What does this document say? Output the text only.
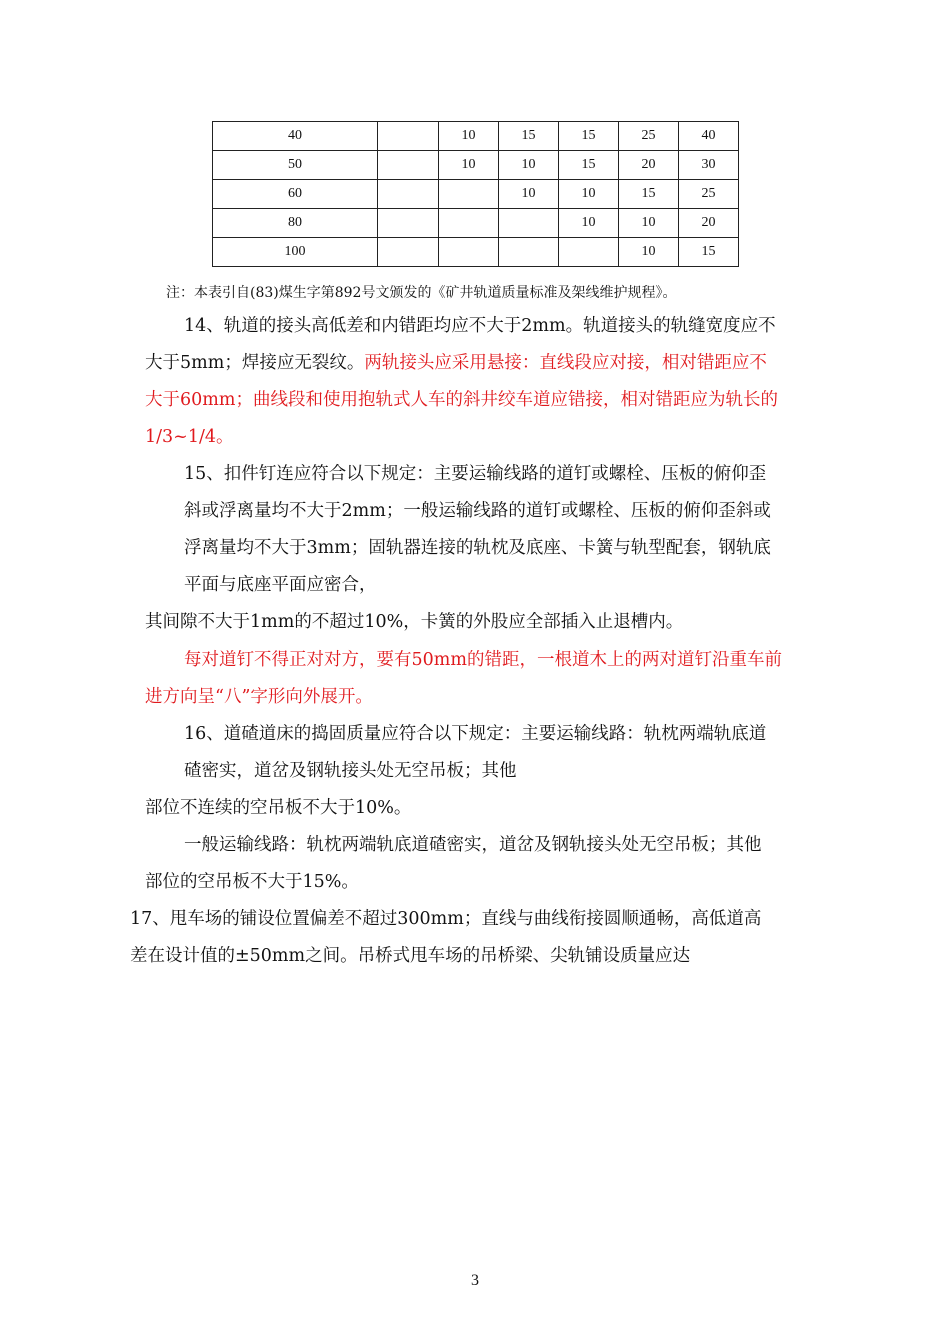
40		10	15	15	25	40
50		10	10	15	20	30
60			10	10	15	25
80				10	10	20
100					10	15
注：本表引自(83)煤生字第892号文颁发的《矿井轨道质量标准及架线维护规程》。
14、轨道的接头高低差和内错距均应不大于2mm。轨道接头的轨缝宽度应不
大于5mm；焊接应无裂纹。两轨接头应采用悬接：直线段应对接，相对错距应不
大于60mm；曲线段和使用抱轨式人车的斜井绞车道应错接，相对错距应为轨长的
1/3~1/4。
15、扣件钉连应符合以下规定：主要运输线路的道钉或螺栓、压板的俯仰歪
斜或浮离量均不大于2mm；一般运输线路的道钉或螺栓、压板的俯仰歪斜或
浮离量均不大于3mm；固轨器连接的轨枕及底座、卡簧与轨型配套，钢轨底
平面与底座平面应密合，
其间隙不大于1mm的不超过10%，卡簧的外股应全部插入止退槽内。
每对道钉不得正对对方，要有50mm的错距，一根道木上的两对道钉沿重车前
进方向呈“八”字形向外展开。
16、道碴道床的捣固质量应符合以下规定：主要运输线路：轨枕两端轨底道
碴密实，道岔及钢轨接头处无空吊板；其他
部位不连续的空吊板不大于10%。
一般运输线路：轨枕两端轨底道碴密实，道岔及钢轨接头处无空吊板；其他
部位的空吊板不大于15%。
17、甩车场的铺设位置偏差不超过300mm；直线与曲线衔接圆顺通畅，高低道高
差在设计值的±50mm之间。吊桥式甩车场的吊桥梁、尖轨铺设质量应达
3
